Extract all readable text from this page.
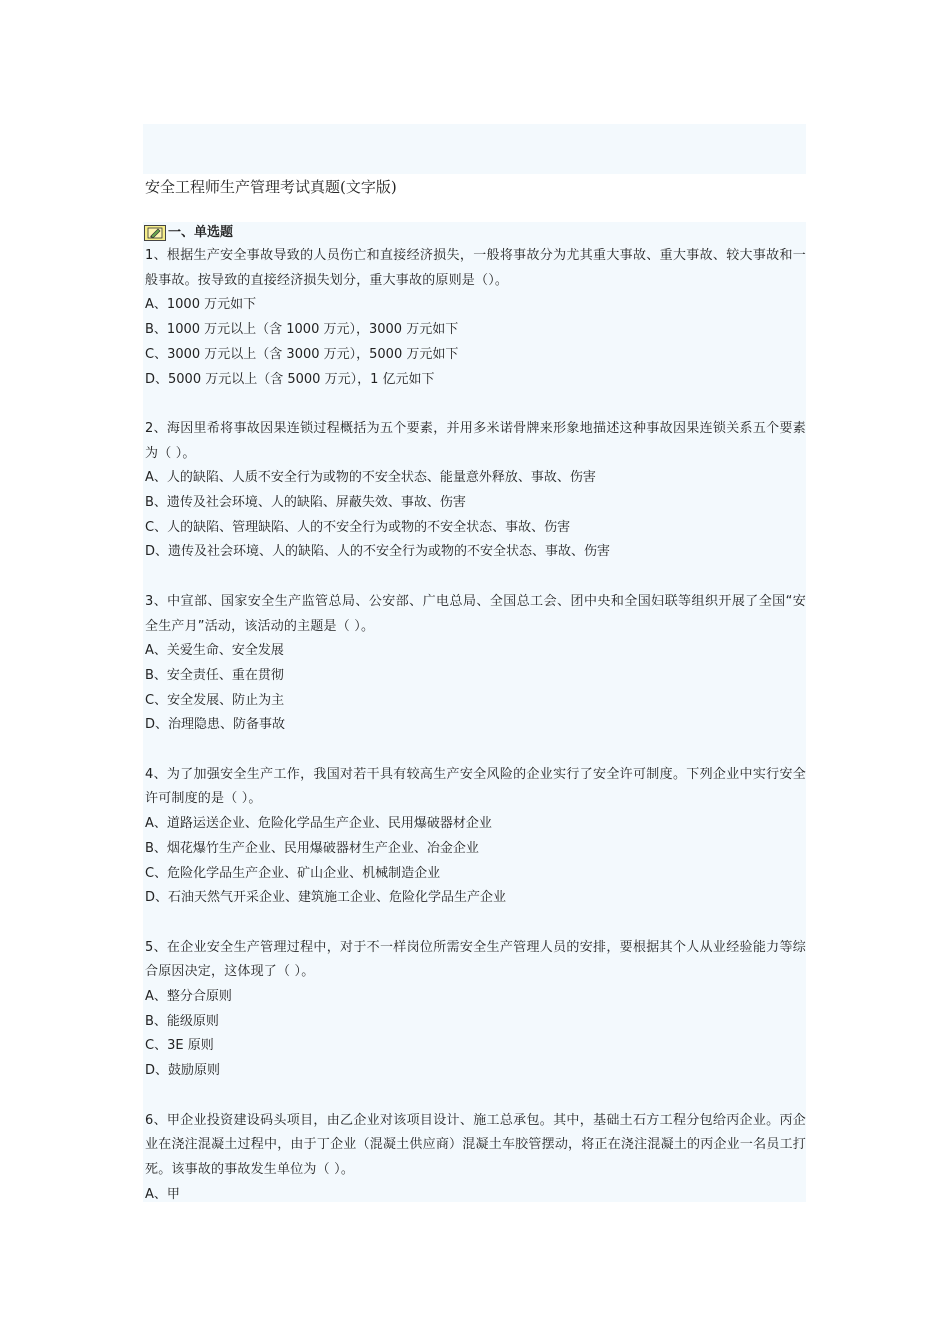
安全工程师生产管理考试真题(文字版)
一、单选题

1、根据生产安全事故导致的人员伤亡和直接经济损失，一般将事故分为尤其重大事故、重大事故、较大事故和一般事故。按导致的直接经济损失划分，重大事故的原则是（）。

A、1000 万元如下

B、1000 万元以上（含 1000 万元），3000 万元如下

C、3000 万元以上（含 3000 万元），5000 万元如下

D、5000 万元以上（含 5000 万元），1 亿元如下

2、海因里希将事故因果连锁过程概括为五个要素，并用多米诺骨牌来形象地描述这种事故因果连锁关系五个要素为（ ）。

A、人的缺陷、人质不安全行为或物的不安全状态、能量意外释放、事故、伤害

B、遗传及社会环境、人的缺陷、屏蔽失效、事故、伤害

C、人的缺陷、管理缺陷、人的不安全行为或物的不安全状态、事故、伤害

D、遗传及社会环境、人的缺陷、人的不安全行为或物的不安全状态、事故、伤害

3、中宣部、国家安全生产监管总局、公安部、广电总局、全国总工会、团中央和全国妇联等组织开展了全国“安全生产月”活动，该活动的主题是（ ）。

A、关爱生命、安全发展

B、安全责任、重在贯彻

C、安全发展、防止为主

D、治理隐患、防备事故

4、为了加强安全生产工作，我国对若干具有较高生产安全风险的企业实行了安全许可制度。下列企业中实行安全许可制度的是（ ）。

A、道路运送企业、危险化学品生产企业、民用爆破器材企业

B、烟花爆竹生产企业、民用爆破器材生产企业、冶金企业

C、危险化学品生产企业、矿山企业、机械制造企业

D、石油天然气开采企业、建筑施工企业、危险化学品生产企业

5、在企业安全生产管理过程中，对于不一样岗位所需安全生产管理人员的安排，要根据其个人从业经验能力等综合原因决定，这体现了（ ）。

A、整分合原则

B、能级原则

C、3E 原则

D、鼓励原则

6、甲企业投资建设码头项目，由乙企业对该项目设计、施工总承包。其中，基础土石方工程分包给丙企业。丙企业在浇注混凝土过程中，由于丁企业（混凝土供应商）混凝土车胶管摆动，将正在浇注混凝土的丙企业一名员工打死。该事故的事故发生单位为（ ）。

A、甲
